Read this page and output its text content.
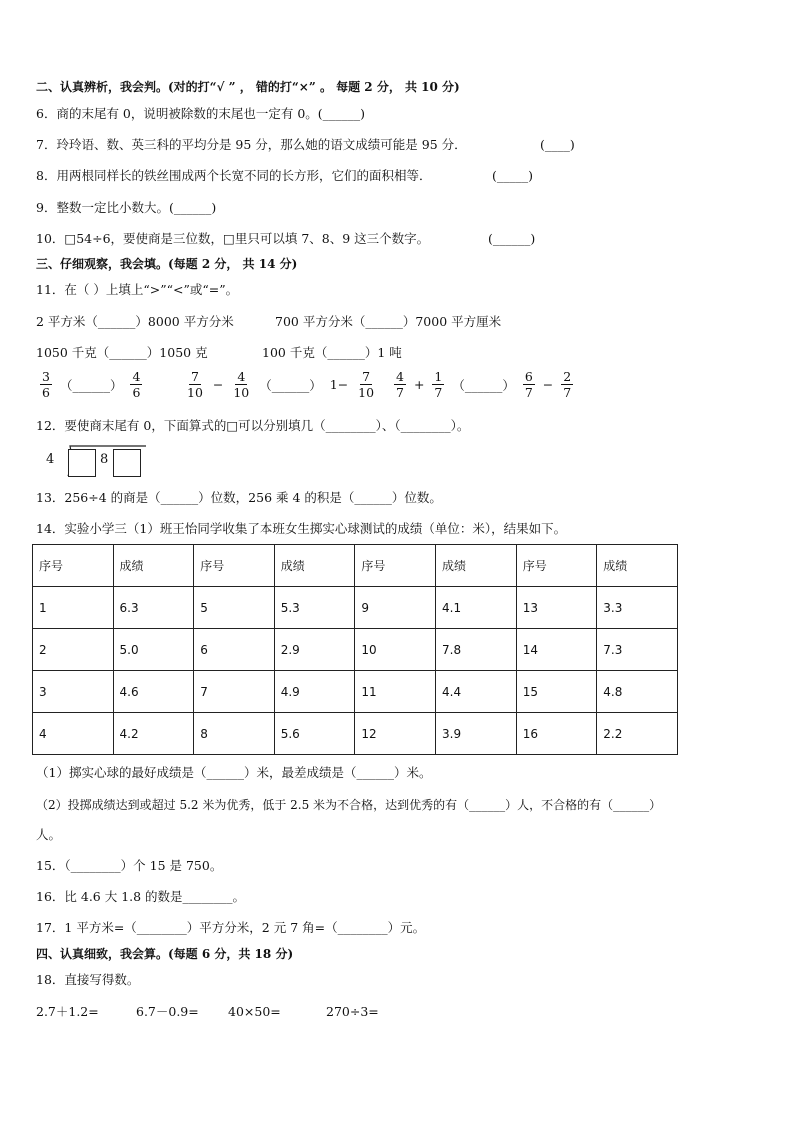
二、认真辨析，我会判。(对的打“√ ” ， 错的打“×” 。 每题 2 分， 共 10 分)
6．商的末尾有 0，说明被除数的末尾也一定有 0。(______)
7．玲玲语、数、英三科的平均分是 95 分，那么她的语文成绩可能是 95 分．	(____)
8．用两根同样长的铁丝围成两个长宽不同的长方形，它们的面积相等．	(_____)
9．整数一定比小数大。(______)
10．□54÷6，要使商是三位数，□里只可以填 7、8、9 这三个数字。	(______)
三、仔细观察，我会填。(每题 2 分， 共 14 分)
11．在（ ）上填上“>”“<”或“=”。
2 平方米（______）8000 平方分米	700 平方分米（______）7000 平方厘米
1050 千克（______）1050 克	100 千克（______）1 吨
$\frac{3}{6}$ （______） $\frac{4}{6}$	$\frac{7}{10} - \frac{4}{10}$ （______） $1- \frac{7}{10} \frac{4}{7} + \frac{1}{7}$ （______） $\frac{6}{7} - \frac{2}{7}$
12．要使商末尾有 0，下面算式的□可以分别填几（________）、（________）。
4	8
13．256÷4 的商是（______）位数，256 乘 4 的积是（______）位数。
14．实验小学三（1）班王怡同学收集了本班女生掷实心球测试的成绩（单位：米），结果如下。
序号	成绩	序号	成绩	序号	成绩	序号	成绩
1	6.3	5	5.3	9	4.1	13	3.3
2	5.0	6	2.9	10	7.8	14	7.3
3	4.6	7	4.9	11	4.4	15	4.8
4	4.2	8	5.6	12	3.9	16	2.2
（1）掷实心球的最好成绩是（______）米，最差成绩是（______）米。
（2）投掷成绩达到或超过 5.2 米为优秀，低于 2.5 米为不合格，达到优秀的有（______）人，不合格的有（______）
人。
15．（________）个 15 是 750。
16．比 4.6 大 1.8 的数是________。
17．1 平方米=（________）平方分米，2 元 7 角=（________）元。
四、认真细致，我会算。(每题 6 分，共 18 分)
18．直接写得数。
2.7＋1.2=	6.7－0.9= 40×50=	270÷3=
